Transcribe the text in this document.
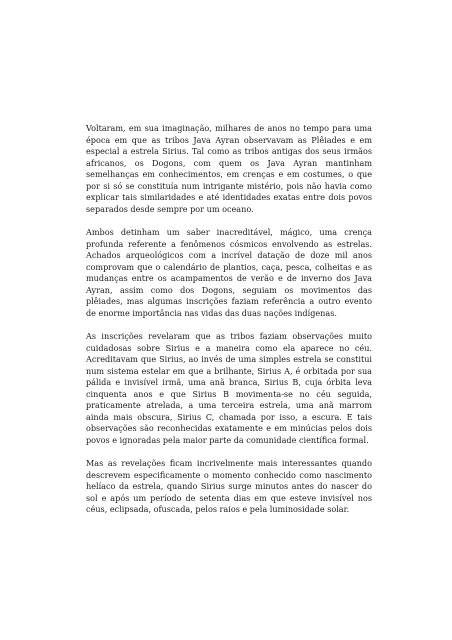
Voltaram, em sua imaginação, milhares de anos no tempo para uma época em que as tribos Java Ayran observavam as Plêiades e em especial a estrela Sirius. Tal como as tribos antigas dos seus irmãos africanos, os Dogons, com quem os Java Ayran mantinham semelhanças em conhecimentos, em crenças e em costumes, o que por si só se constituía num intrigante mistério, pois não havia como explicar tais similaridades e até identidades exatas entre dois povos separados desde sempre por um oceano.

Ambos detinham um saber inacreditável, mágico, uma crença profunda referente a fenômenos cósmicos envolvendo as estrelas. Achados arqueológicos com a incrível datação de doze mil anos comprovam que o calendário de plantios, caça, pesca, colheitas e as mudanças entre os acampamentos de verão e de inverno dos Java Ayran, assim como dos Dogons, seguiam os movimentos das plêiades, mas algumas inscrições faziam referência a outro evento de enorme importância nas vidas das duas nações indígenas.

As inscrições revelaram que as tribos faziam observações muito cuidadosas sobre Sirius e a maneira como ela aparece no céu. Acreditavam que Sirius, ao invés de uma simples estrela se constitui num sistema estelar em que a brilhante, Sirius A, é orbitada por sua pálida e invisível irmã, uma anã branca, Sirius B, cuja órbita leva cinquenta anos e que Sirius B movimenta-se no céu seguida, praticamente atrelada, a uma terceira estrela, uma anã marrom ainda mais obscura, Sirius C, chamada por isso, a escura. E tais observações são reconhecidas exatamente e em minúcias pelos dois povos e ignoradas pela maior parte da comunidade científica formal.

Mas as revelações ficam incrivelmente mais interessantes quando descrevem especificamente o momento conhecido como nascimento helíaco da estrela, quando Sirius surge minutos antes do nascer do sol e após um período de setenta dias em que esteve invisível nos céus, eclipsada, ofuscada, pelos raios e pela luminosidade solar.
